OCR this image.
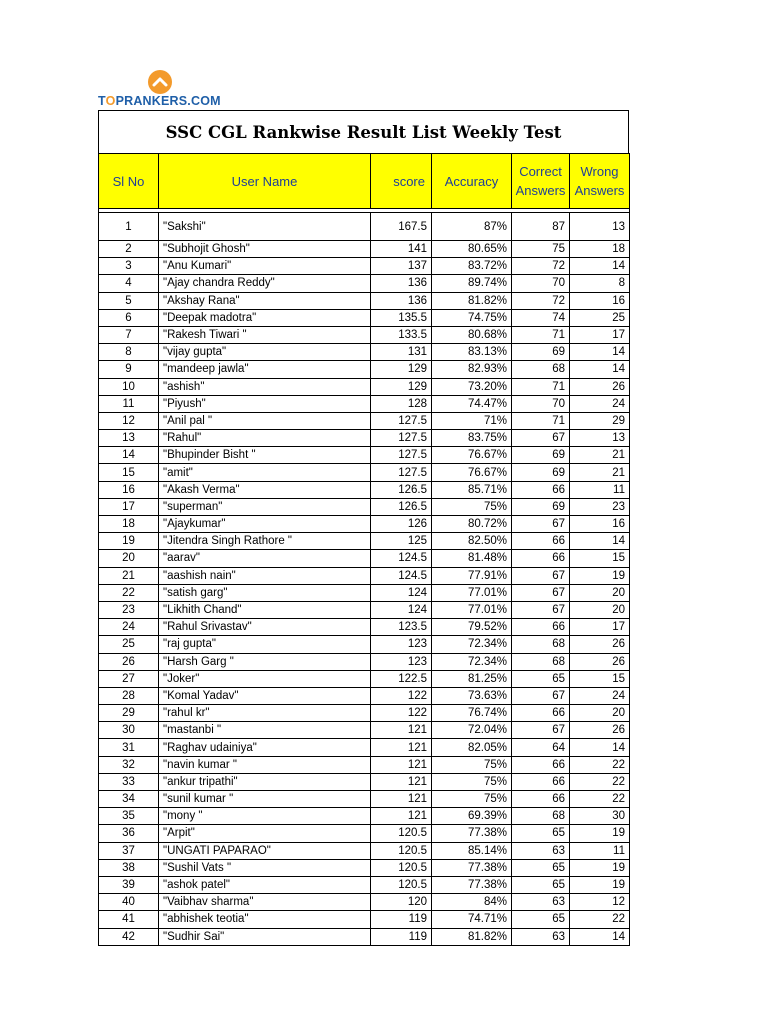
TOPRANKERS.COM
SSC CGL Rankwise Result List Weekly Test
Sl No	User Name	score	Accuracy	Correct Answers	Wrong Answers

1	"Sakshi"	167.5	87%	87	13
2	"Subhojit Ghosh"	141	80.65%	75	18
3	"Anu Kumari"	137	83.72%	72	14
4	"Ajay chandra Reddy"	136	89.74%	70	8
5	"Akshay Rana"	136	81.82%	72	16
6	"Deepak madotra"	135.5	74.75%	74	25
7	"Rakesh Tiwari "	133.5	80.68%	71	17
8	"vijay gupta"	131	83.13%	69	14
9	"mandeep jawla"	129	82.93%	68	14
10	"ashish"	129	73.20%	71	26
11	"Piyush"	128	74.47%	70	24
12	"Anil pal "	127.5	71%	71	29
13	"Rahul"	127.5	83.75%	67	13
14	"Bhupinder Bisht "	127.5	76.67%	69	21
15	"amit"	127.5	76.67%	69	21
16	"Akash Verma"	126.5	85.71%	66	11
17	"superman"	126.5	75%	69	23
18	"Ajaykumar"	126	80.72%	67	16
19	"Jitendra Singh Rathore "	125	82.50%	66	14
20	"aarav"	124.5	81.48%	66	15
21	"aashish nain"	124.5	77.91%	67	19
22	"satish garg"	124	77.01%	67	20
23	"Likhith Chand"	124	77.01%	67	20
24	"Rahul Srivastav"	123.5	79.52%	66	17
25	"raj gupta"	123	72.34%	68	26
26	"Harsh Garg "	123	72.34%	68	26
27	"Joker"	122.5	81.25%	65	15
28	"Komal Yadav"	122	73.63%	67	24
29	"rahul kr"	122	76.74%	66	20
30	"mastanbi "	121	72.04%	67	26
31	"Raghav udainiya"	121	82.05%	64	14
32	"navin kumar "	121	75%	66	22
33	"ankur tripathi"	121	75%	66	22
34	"sunil kumar "	121	75%	66	22
35	"mony "	121	69.39%	68	30
36	"Arpit"	120.5	77.38%	65	19
37	"UNGATI PAPARAO"	120.5	85.14%	63	11
38	"Sushil Vats "	120.5	77.38%	65	19
39	"ashok patel"	120.5	77.38%	65	19
40	"Vaibhav sharma"	120	84%	63	12
41	"abhishek teotia"	119	74.71%	65	22
42	"Sudhir Sai"	119	81.82%	63	14
